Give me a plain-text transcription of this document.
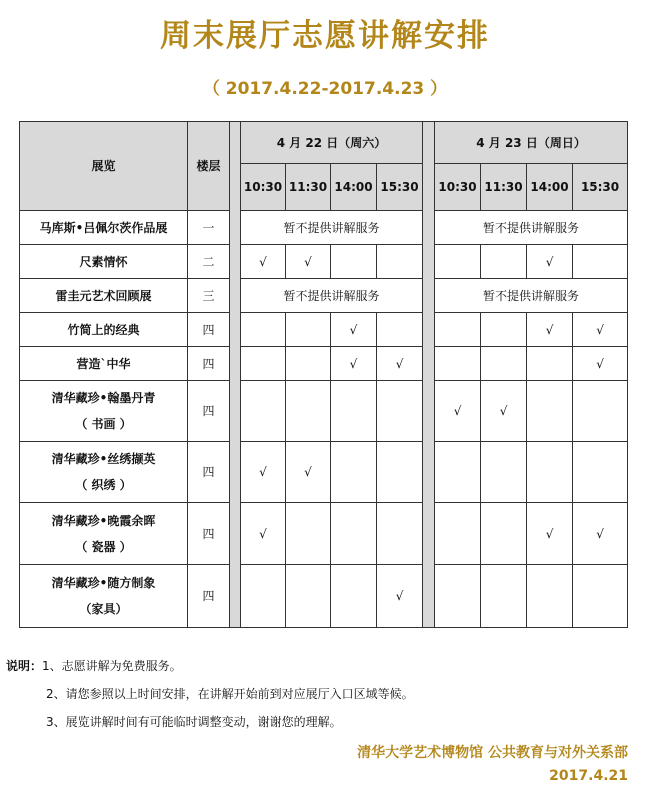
周末展厅志愿讲解安排
（ 2017.4.22-2017.4.23 ）
展览	楼层		4 月 22 日（周六）					4 月 23 日（周日）			
			10:30	11:30	14:00	15:30		10:30	11:30	14:00	15:30
马库斯•吕佩尔茨作品展	一		暂不提供讲解服务					暂不提供讲解服务			
尺素情怀	二		√	√						√	
雷圭元艺术回顾展	三		暂不提供讲解服务					暂不提供讲解服务			
竹简上的经典	四				√					√	√
营造`中华	四				√	√					√

清华藏珍•翰墨丹青
（ 书画 ）	四							√	√		

清华藏珍•丝绣撷英
（ 织绣 ）	四		√	√							

清华藏珍•晚霞余晖
（ 瓷器 ）	四		√							√	√

清华藏珍•随方制象
（家具）	四					√					
说明：1、志愿讲解为免费服务。
2、请您参照以上时间安排，在讲解开始前到对应展厅入口区域等候。
3、展览讲解时间有可能临时调整变动，谢谢您的理解。
清华大学艺术博物馆 公共教育与对外关系部
2017.4.21
